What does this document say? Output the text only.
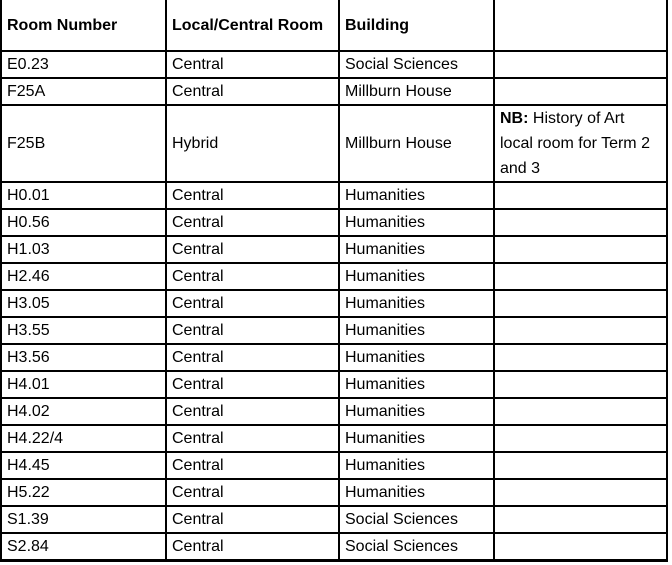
Room Number	Local/Central Room	Building	
E0.23	Central	Social Sciences	
F25A	Central	Millburn House	
F25B	Hybrid	Millburn House	NB: History of Art local room for Term 2 and 3
H0.01	Central	Humanities	
H0.56	Central	Humanities	
H1.03	Central	Humanities	
H2.46	Central	Humanities	
H3.05	Central	Humanities	
H3.55	Central	Humanities	
H3.56	Central	Humanities	
H4.01	Central	Humanities	
H4.02	Central	Humanities	
H4.22/4	Central	Humanities	
H4.45	Central	Humanities	
H5.22	Central	Humanities	
S1.39	Central	Social Sciences	
S2.84	Central	Social Sciences	
